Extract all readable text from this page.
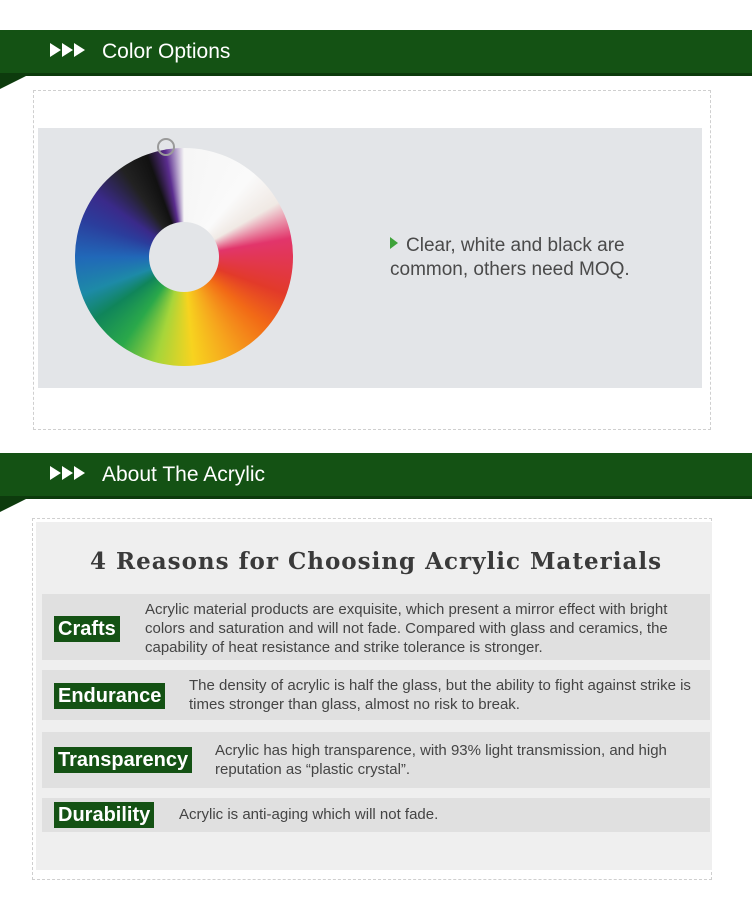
Color Options
Clear, white and black are common, others need MOQ.
About The Acrylic
4 Reasons for Choosing Acrylic Materials
Crafts
Acrylic material products are exquisite, which present a mirror effect with bright colors and saturation and will not fade. Compared with glass and ceramics, the capability of heat resistance and strike tolerance is stronger.
Endurance The density of acrylic is half the glass, but the ability to fight against strike is times stronger than glass, almost no risk to break.
Transparency Acrylic has high transparence, with 93% light transmission, and high reputation as “plastic crystal”.
Durability Acrylic is anti-aging which will not fade.
